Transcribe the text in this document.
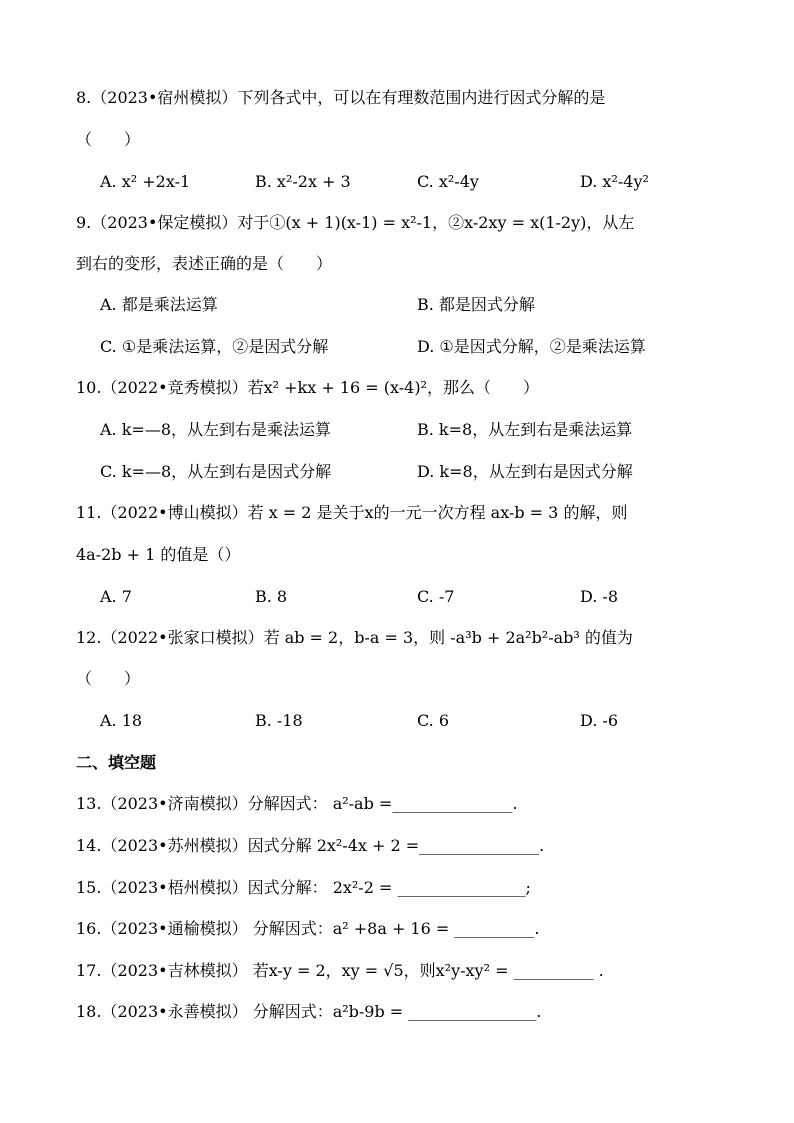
8.（2023•宿州模拟）下列各式中，可以在有理数范围内进行因式分解的是
（　　）
A. x² +2x-1	B. x²-2x + 3	C. x²-4y	D. x²-4y²
9.（2023•保定模拟）对于①(x + 1)(x-1) = x²-1，②x-2xy = x(1-2y)，从左
到右的变形，表述正确的是（　　）
A. 都是乘法运算	B. 都是因式分解
C. ①是乘法运算，②是因式分解	D. ①是因式分解，②是乘法运算
10.（2022•竞秀模拟）若x² +kx + 16 = (x-4)²，那么（　　）
A. k=—8，从左到右是乘法运算	B. k=8，从左到右是乘法运算
C. k=—8，从左到右是因式分解	D. k=8，从左到右是因式分解
11.（2022•博山模拟）若 x = 2 是关于x的一元一次方程 ax-b = 3 的解，则
4a-2b + 1 的值是（）
A. 7	B. 8	C. -7	D. -8
12.（2022•张家口模拟）若 ab = 2，b-a = 3，则 -a³b + 2a²b²-ab³ 的值为
（　　）
A. 18	B. -18	C. 6	D. -6
二、填空题
13.（2023•济南模拟）分解因式： a²-ab =_______________.
14.（2023•苏州模拟）因式分解 2x²-4x + 2 =_______________.
15.（2023•梧州模拟）因式分解： 2x²-2 = ________________;
16.（2023•通榆模拟） 分解因式：a² +8a + 16 = __________.
17.（2023•吉林模拟） 若x-y = 2，xy = √5，则x²y-xy² = __________ .
18.（2023•永善模拟） 分解因式：a²b-9b = ________________.
